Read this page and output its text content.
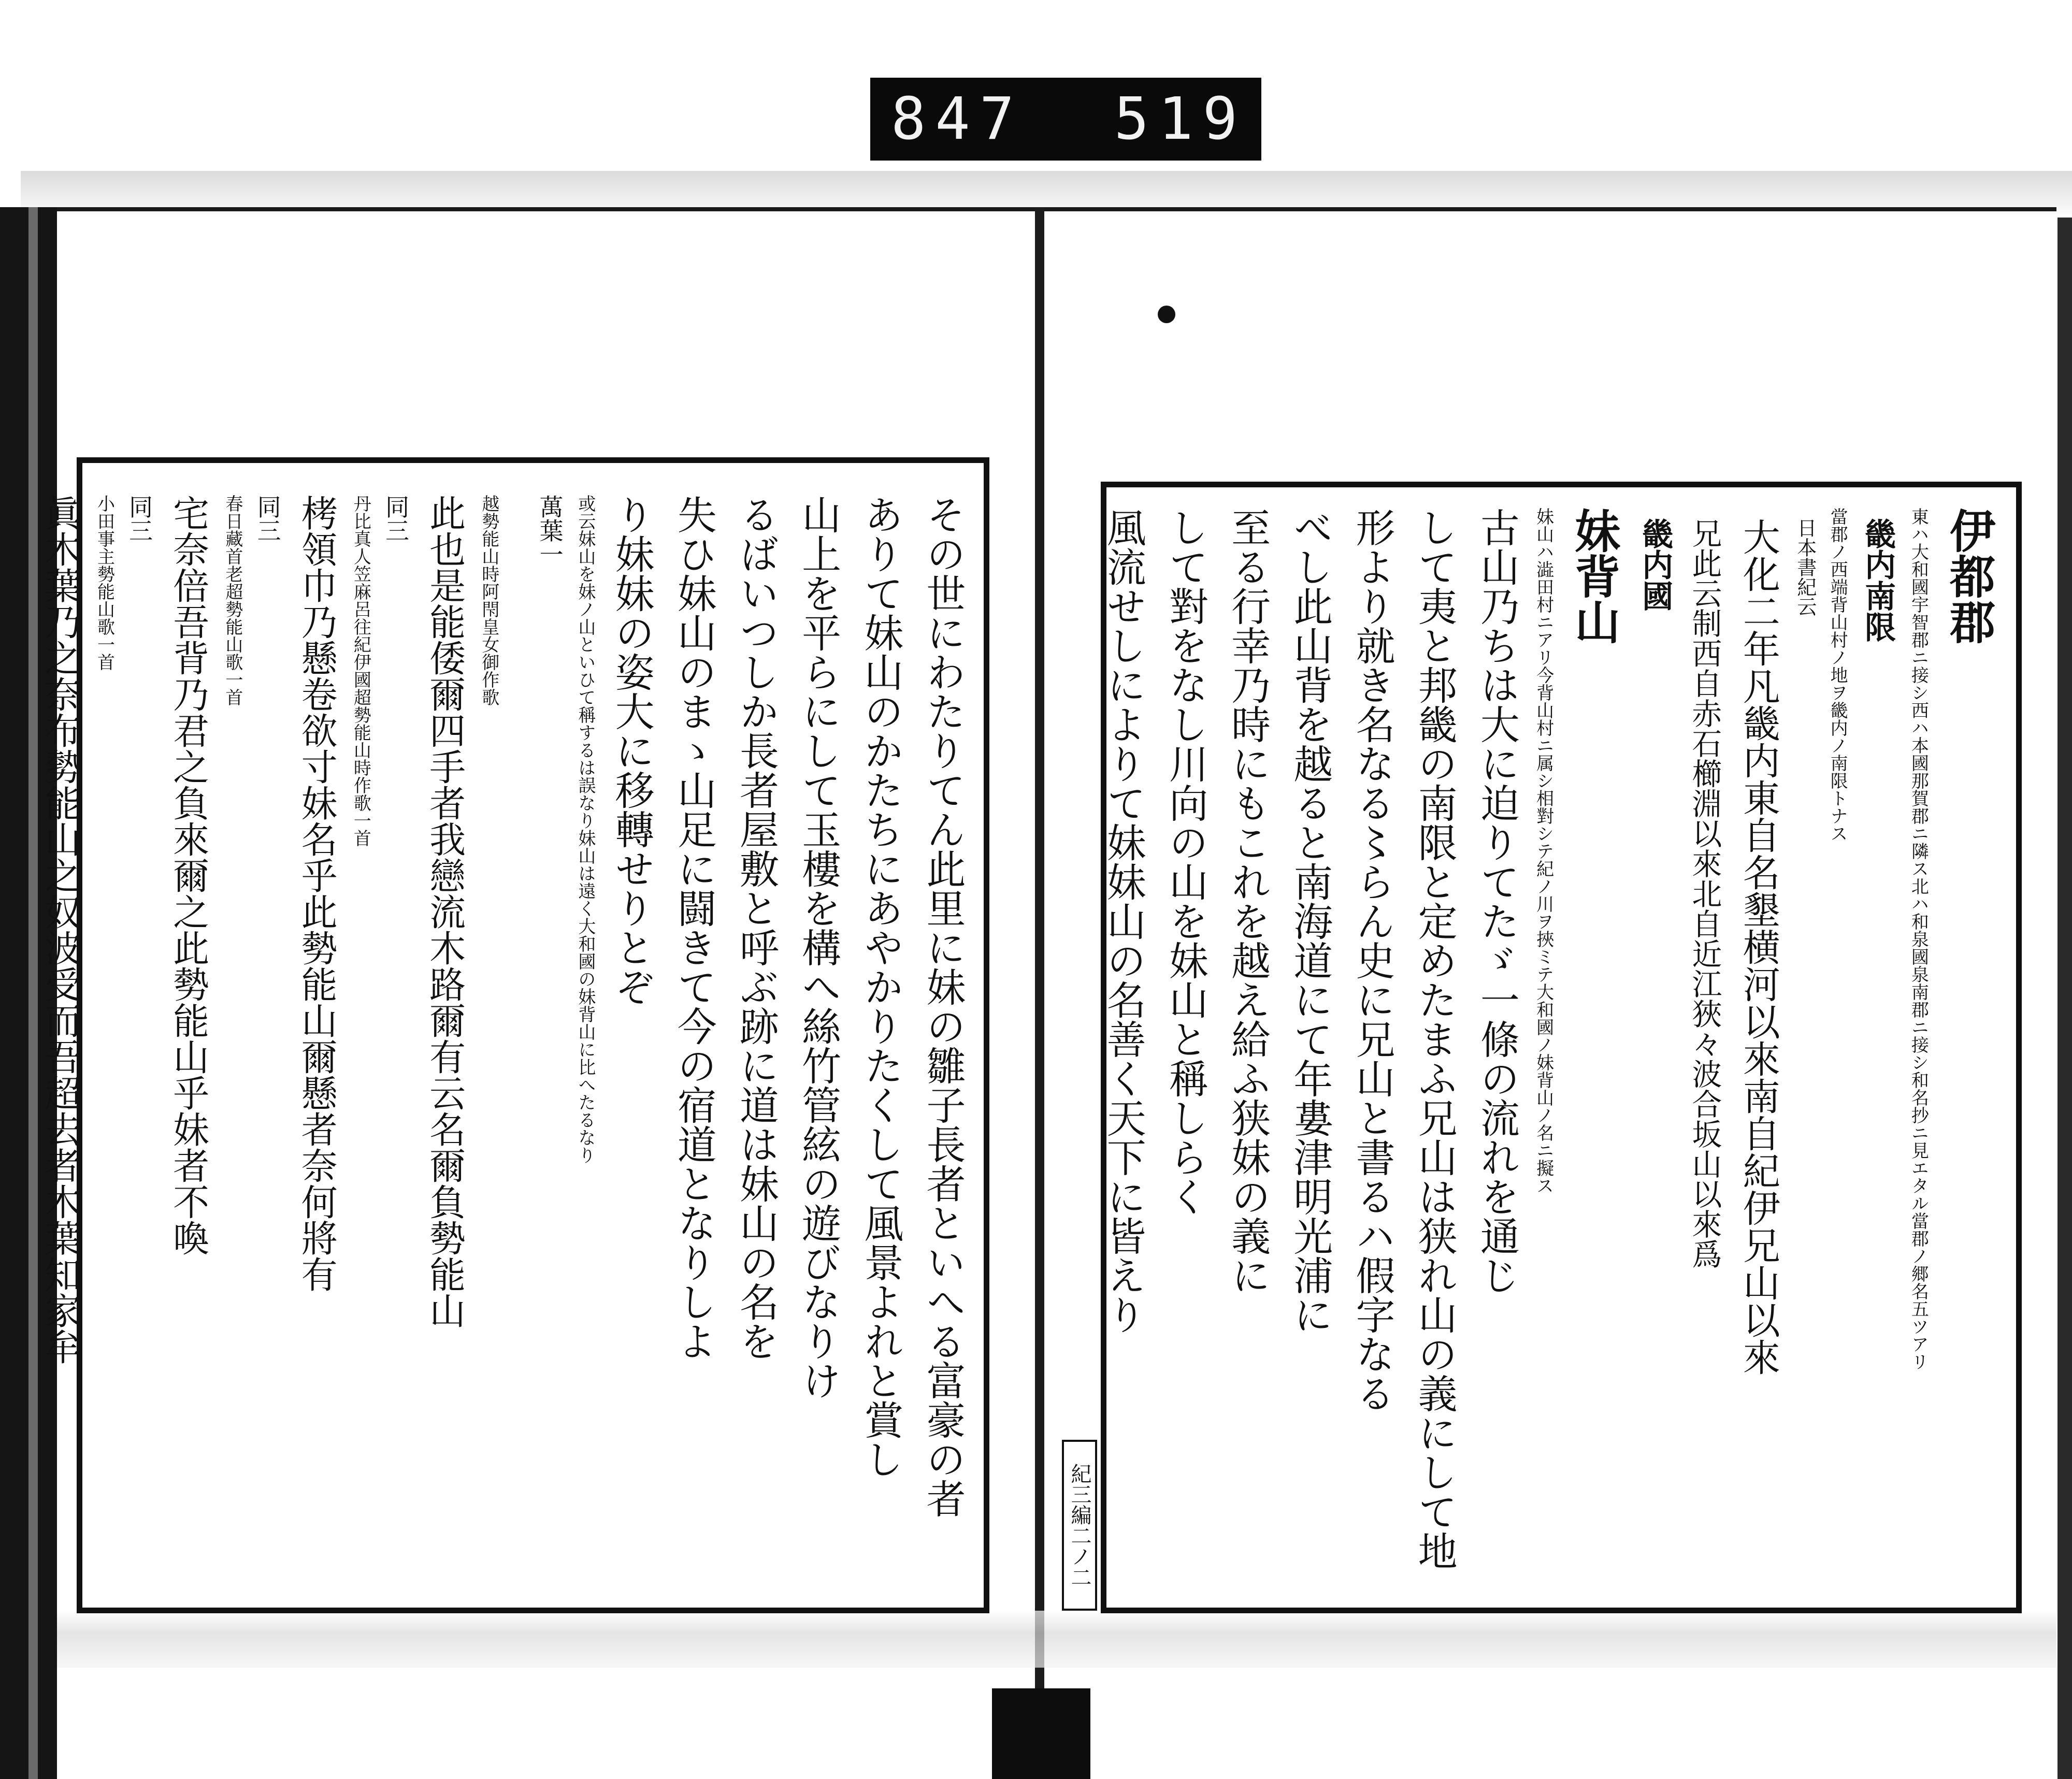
847 519
伊都郡
東ハ大和國宇智郡ニ接シ西ハ本國那賀郡ニ隣ス北ハ和泉國泉南郡ニ接シ和名抄ニ見エタル當郡ノ郷名五ツアリ
畿内南限
當郡ノ西端背山村ノ地ヲ畿内ノ南限トナス
日本書紀云
大化二年凡畿内東自名墾横河以來南自紀伊兄山以來
兄此云制西自赤石櫛淵以來北自近江狹々波合坂山以來爲
畿内國
妹背山
妹山ハ澁田村ニアリ今背山村ニ属シ相對シテ紀ノ川ヲ挾ミテ大和國ノ妹背山ノ名ニ擬ス
古山乃ちは大に迫りてたゞ一條の流れを通じ
して夷と邦畿の南限と定めたまふ兄山は狭れ山の義にして地
形より就き名なる〻らん史に兄山と書るハ假字なる
べし此山背を越ると南海道にて年婁津明光浦に
至る行幸乃時にもこれを越え給ふ狭妹の義に
して對をなし川向の山を妹山と稱しらく
風流せしによりて妹妹山の名善く天下に皆えり
紀三編二ノ二
その世にわたりてん此里に妹の雛子長者といへる富豪の者
ありて妹山のかたちにあやかりたくして風景よれと賞し
山上を平らにして玉樓を構へ絲竹管絃の遊びなりけ
るばいつしか長者屋敷と呼ぶ跡に道は妹山の名を
失ひ妹山のまゝ山足に闘きて今の宿道となりしよ
り妹妹の姿大に移轉せりとぞ
或云妹山を妹ノ山といひて稱するは誤なり妹山は遠く大和國の妹背山に比へたるなり
萬葉一
越勢能山時阿閇皇女御作歌
此也是能倭爾四手者我戀流木路爾有云名爾負勢能山
同三
丹比真人笠麻呂往紀伊國超勢能山時作歌一首
栲領巾乃懸卷欲寸妹名乎此勢能山爾懸者奈何將有
同三
春日藏首老超勢能山歌一首
宅奈倍吾背乃君之負來爾之此勢能山乎妹者不喚
同三
小田事主勢能山歌一首
眞木葉乃之奈布勢能山之奴波受而吾超去者木葉知家牟
